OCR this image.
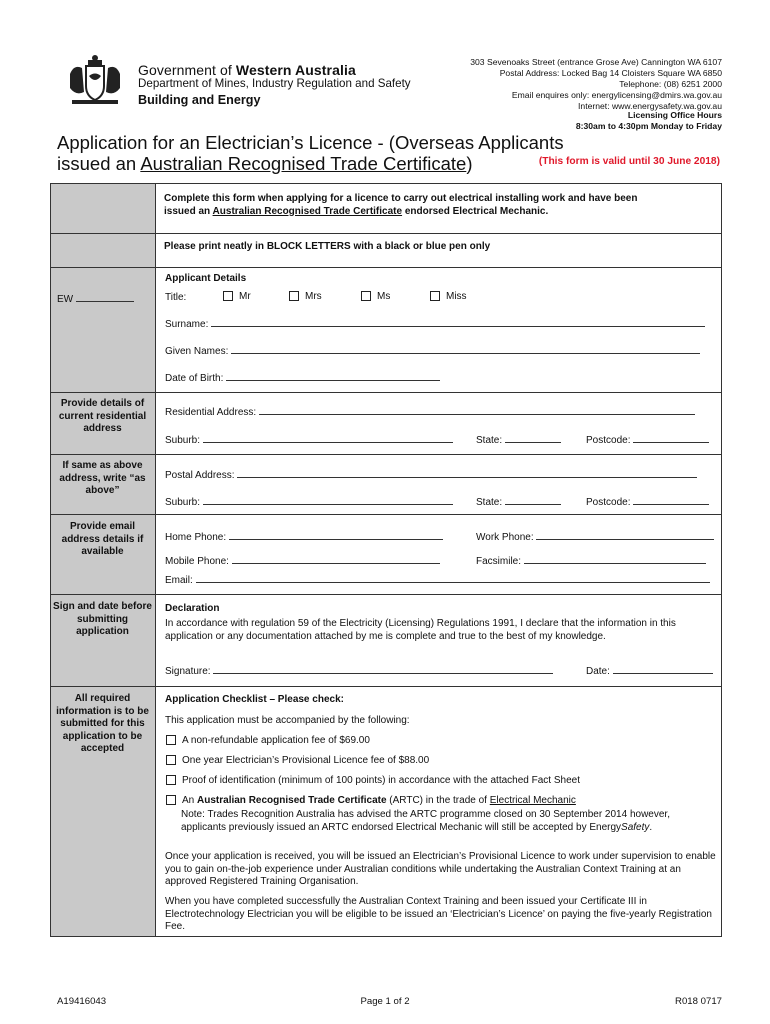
Government of Western Australia
Department of Mines, Industry Regulation and Safety
Building and Energy
303 Sevenoaks Street (entrance Grose Ave) Cannington WA 6107
Postal Address: Locked Bag 14 Cloisters Square WA 6850
Telephone: (08) 6251 2000
Email enquires only: energylicensing@dmirs.wa.gov.au
Internet: www.energysafety.wa.gov.au
Licensing Office Hours
8:30am to 4:30pm Monday to Friday
Application for an Electrician’s Licence - (Overseas Applicants
issued an Australian Recognised Trade Certificate)	(This form is valid until 30 June 2018)
Complete this form when applying for a licence to carry out electrical installing work and have been
issued an Australian Recognised Trade Certificate endorsed Electrical Mechanic.
Please print neatly in BLOCK LETTERS with a black or blue pen only
EW
Applicant Details
Title:	Mr	Mrs	Ms	Miss
Surname:
Given Names:
Date of Birth:
Provide details of current residential address
Residential Address:
Suburb:	State:	Postcode:
If same as above address, write “as above”
Postal Address:
Suburb:	State:	Postcode:
Provide email address details if available
Home Phone:	Work Phone:
Mobile Phone:	Facsimile:
Email:
Sign and date before submitting application
Declaration
In accordance with regulation 59 of the Electricity (Licensing) Regulations 1991, I declare that the information in this application or any documentation attached by me is complete and true to the best of my knowledge.
Signature:	Date:
All required information is to be submitted for this application to be accepted
Application Checklist – Please check:
This application must be accompanied by the following:
A non-refundable application fee of $69.00
One year Electrician’s Provisional Licence fee of $88.00
Proof of identification (minimum of 100 points) in accordance with the attached Fact Sheet
An Australian Recognised Trade Certificate (ARTC) in the trade of Electrical Mechanic
Note: Trades Recognition Australia has advised the ARTC programme closed on 30 September 2014 however, applicants previously issued an ARTC endorsed Electrical Mechanic will still be accepted by EnergySafety.
Once your application is received, you will be issued an Electrician’s Provisional Licence to work under supervision to enable you to gain on-the-job experience under Australian conditions while undertaking the Australian Context Training at an approved Registered Training Organisation.
When you have completed successfully the Australian Context Training and been issued your Certificate III in Electrotechnology Electrician you will be eligible to be issued an ‘Electrician’s Licence’ on paying the five-yearly Registration Fee.
A19416043	Page 1 of 2	R018 0717
